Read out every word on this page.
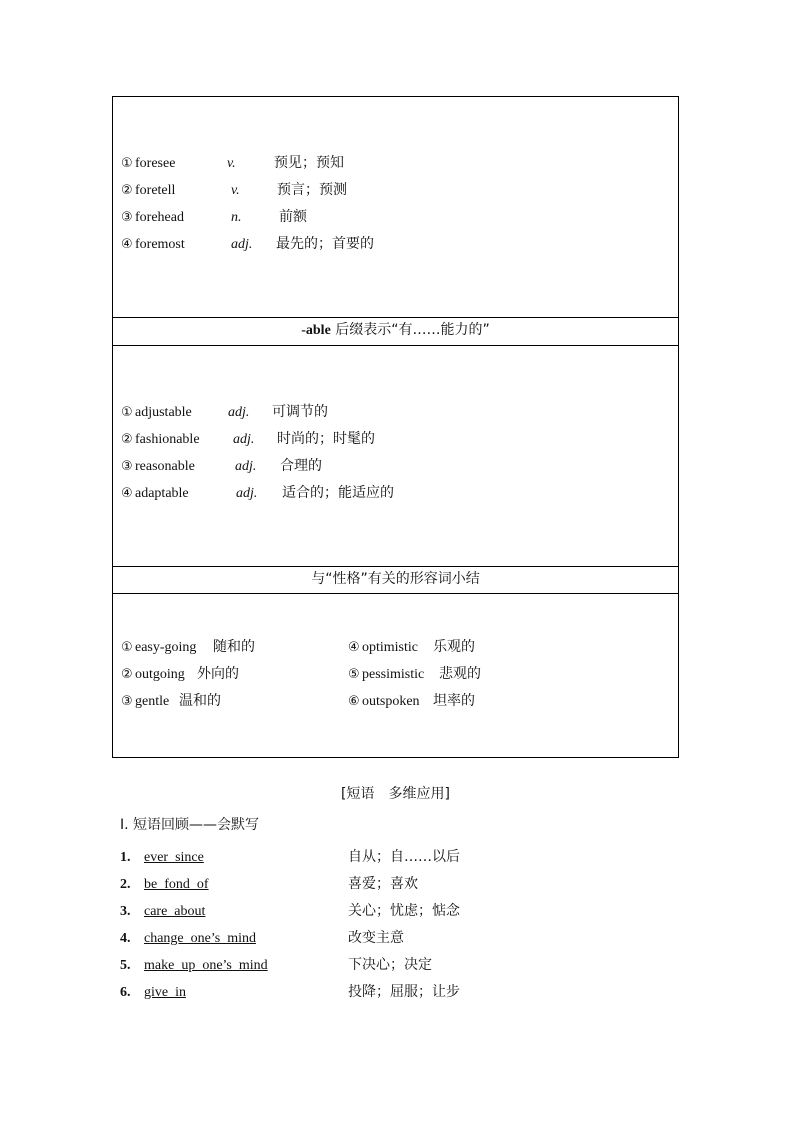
① foresee	v.	预见；预知
② foretell	v.	预言；预测
③ forehead	n.	前额
④ foremost	adj. 最先的；首要的
-able 后缀表示“有……能力的”
① adjustable	adj. 可调节的
② fashionable adj. 时尚的；时髦的
③ reasonable	adj. 合理的
④ adaptable	adj. 适合的；能适应的
与“性格”有关的形容词小结
① easy-going 随和的	④ optimistic 乐观的
② outgoing 外向的	⑤ pessimistic 悲观的
③ gentle 温和的	⑥ outspoken 坦率的
[短语　多维应用]
Ⅰ. 短语回顾——会默写
1. ever  since	自从；自……以后
2. be  fond  of	喜爱；喜欢
3. care  about	关心；忧虑；惦念
4. change  one’s  mind	改变主意
5. make  up  one’s  mind	下决心；决定
6. give  in	投降；屈服；让步
